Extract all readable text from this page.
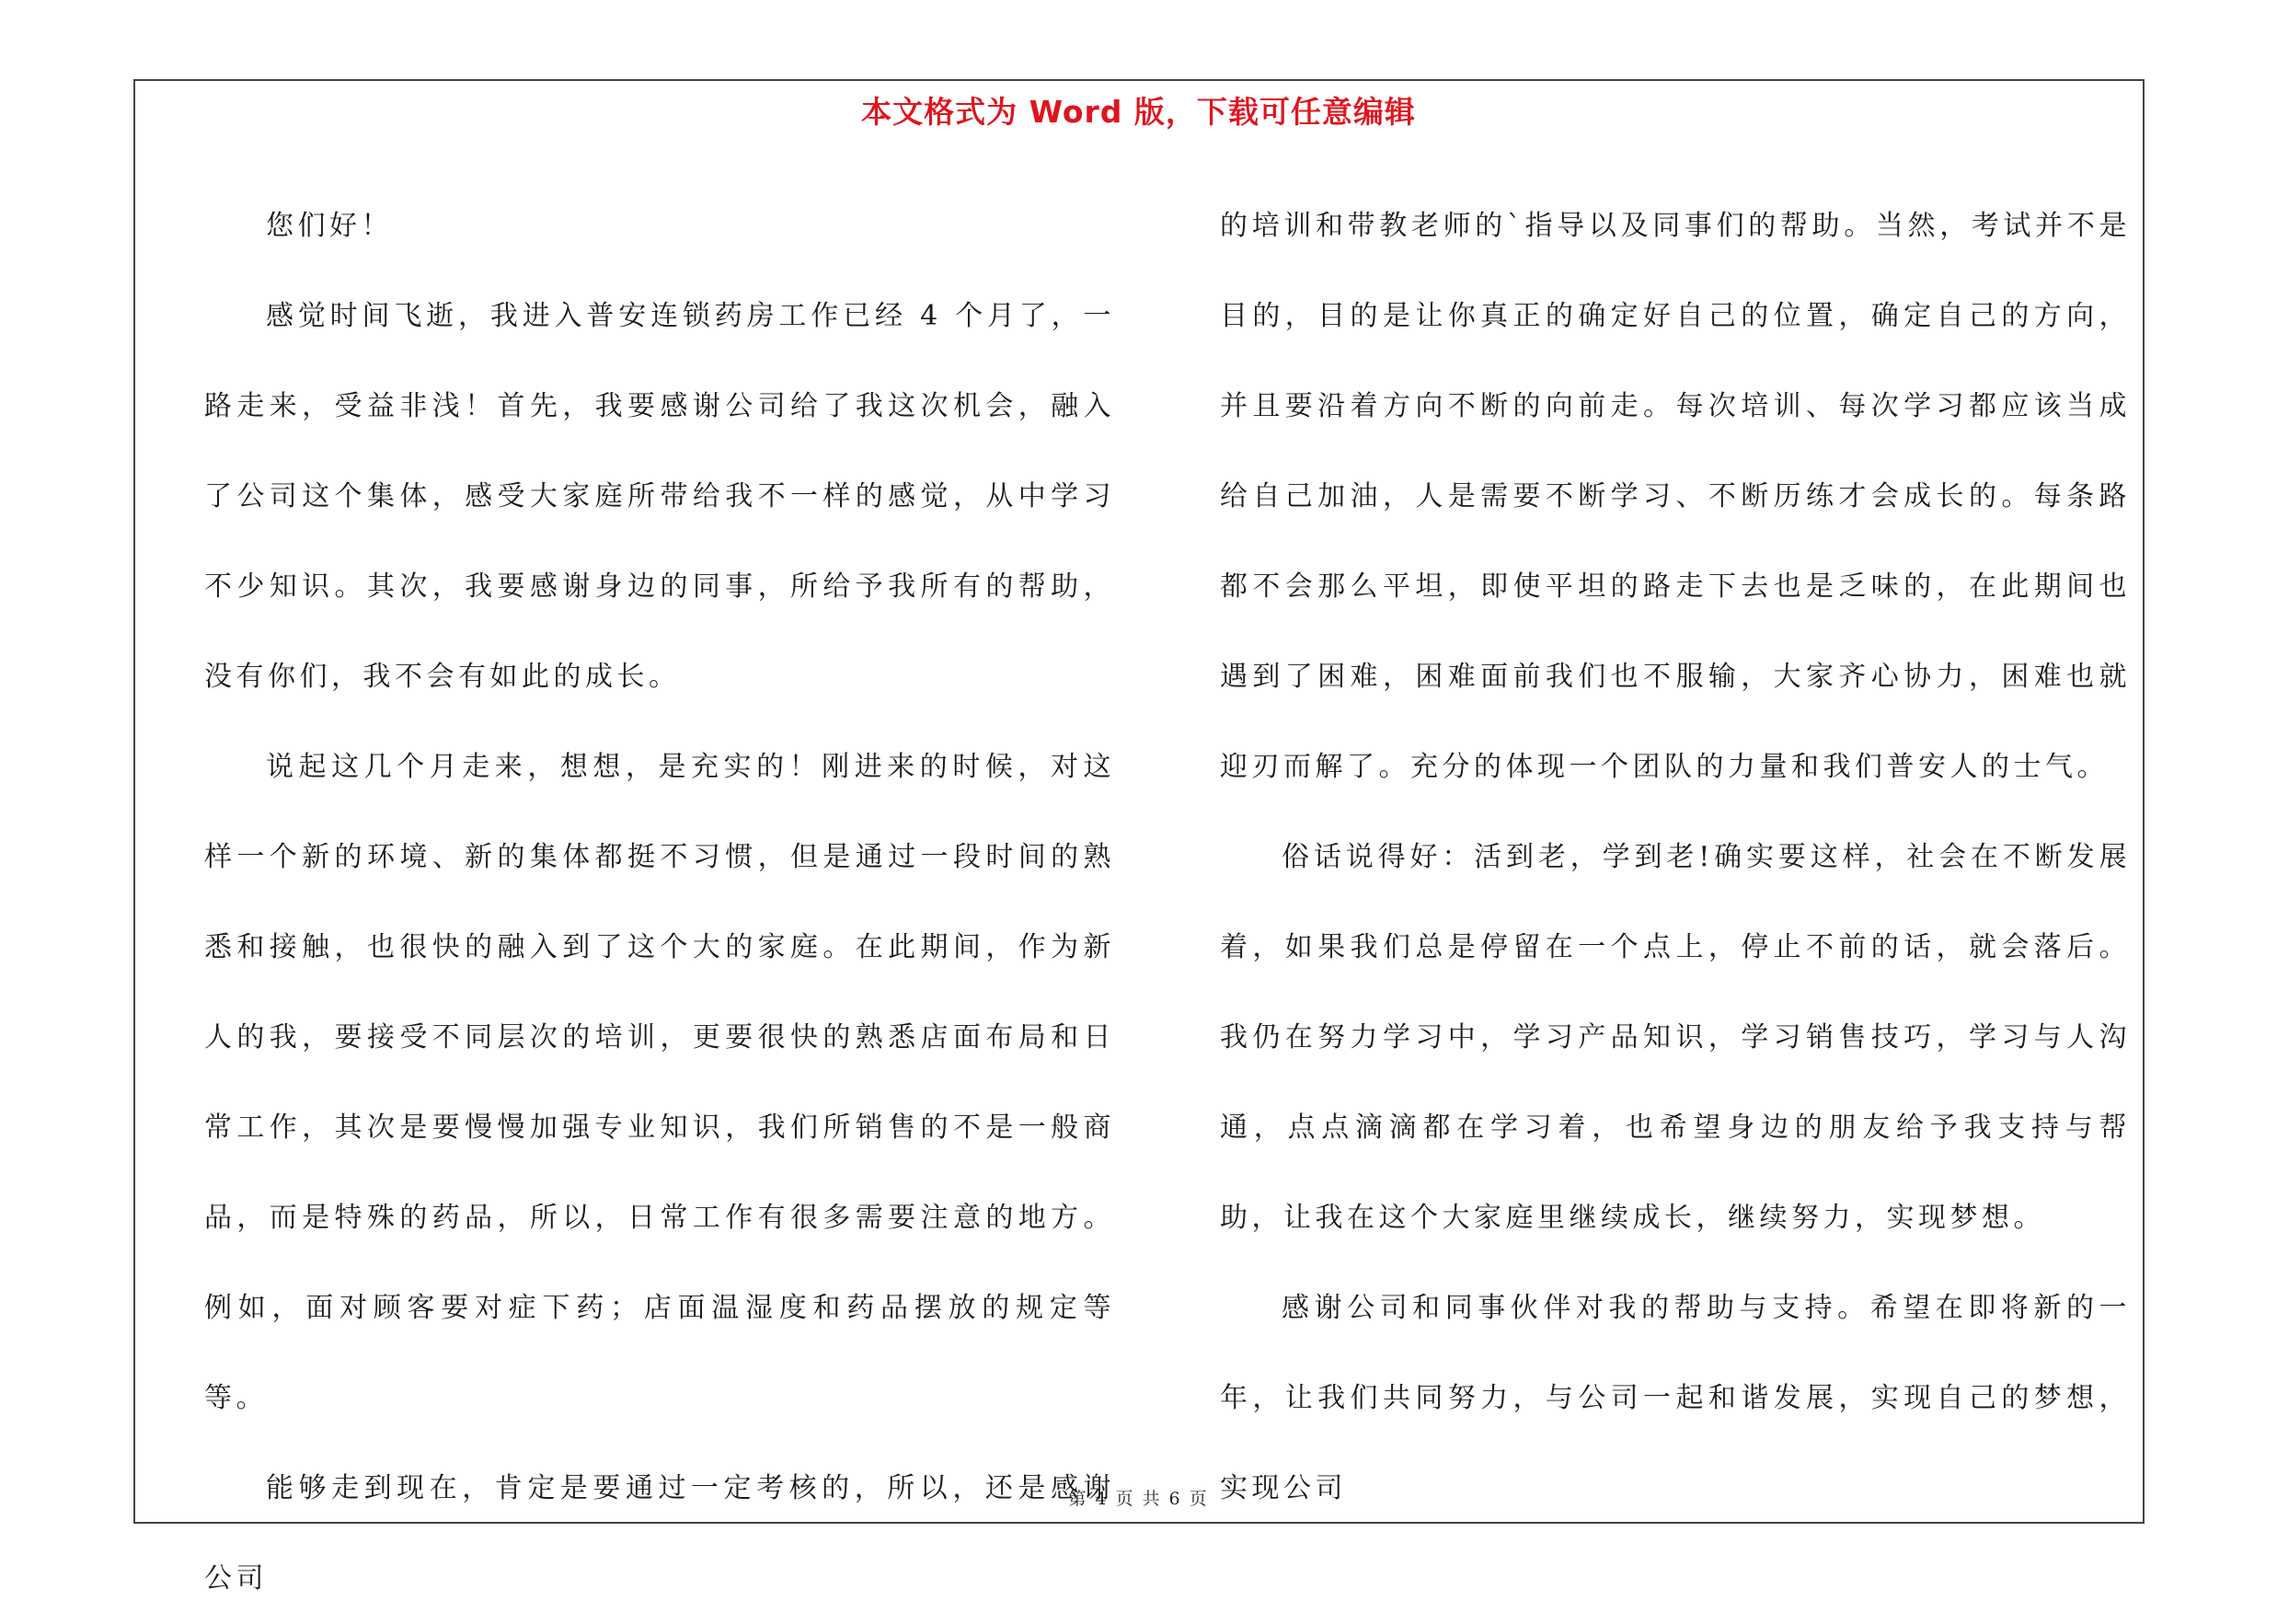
本文格式为 Word 版，下载可任意编辑

您们好！

感觉时间飞逝，我进入普安连锁药房工作已经 4 个月了，一路走来，受益非浅！首先，我要感谢公司给了我这次机会，融入了公司这个集体，感受大家庭所带给我不一样的感觉，从中学习不少知识。其次，我要感谢身边的同事，所给予我所有的帮助，没有你们，我不会有如此的成长。

说起这几个月走来，想想，是充实的！刚进来的时候，对这样一个新的环境、新的集体都挺不习惯，但是通过一段时间的熟悉和接触，也很快的融入到了这个大的家庭。在此期间，作为新人的我，要接受不同层次的培训，更要很快的熟悉店面布局和日常工作，其次是要慢慢加强专业知识，我们所销售的不是一般商品，而是特殊的药品，所以，日常工作有很多需要注意的地方。例如，面对顾客要对症下药；店面温湿度和药品摆放的规定等等。

能够走到现在，肯定是要通过一定考核的，所以，还是感谢公司

的培训和带教老师的`指导以及同事们的帮助。当然，考试并不是目的，目的是让你真正的确定好自己的位置，确定自己的方向，并且要沿着方向不断的向前走。每次培训、每次学习都应该当成给自己加油，人是需要不断学习、不断历练才会成长的。每条路都不会那么平坦，即使平坦的路走下去也是乏味的，在此期间也遇到了困难，困难面前我们也不服输，大家齐心协力，困难也就迎刃而解了。充分的体现一个团队的力量和我们普安人的士气。

俗话说得好：活到老，学到老!确实要这样，社会在不断发展着，如果我们总是停留在一个点上，停止不前的话，就会落后。我仍在努力学习中，学习产品知识，学习销售技巧，学习与人沟通，点点滴滴都在学习着，也希望身边的朋友给予我支持与帮助，让我在这个大家庭里继续成长，继续努力，实现梦想。

感谢公司和同事伙伴对我的帮助与支持。希望在即将新的一年，让我们共同努力，与公司一起和谐发展，实现自己的梦想，实现公司

第 4 页 共 6 页
